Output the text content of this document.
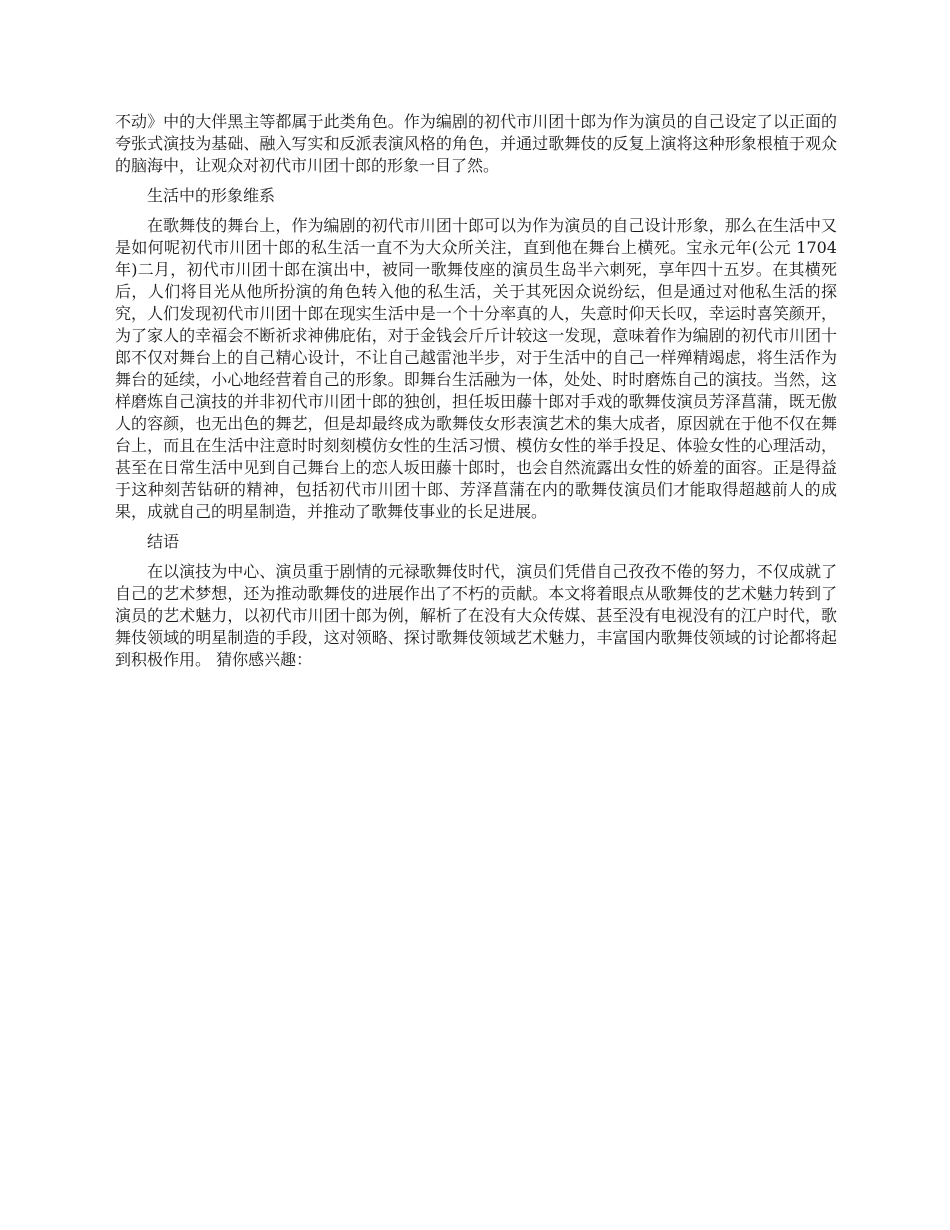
不动》中的大伴黑主等都属于此类角色。作为编剧的初代市川团十郎为作为演员的自己设定了以正面的夸张式演技为基础、融入写实和反派表演风格的角色，并通过歌舞伎的反复上演将这种形象根植于观众的脑海中，让观众对初代市川团十郎的形象一目了然。

生活中的形象维系

在歌舞伎的舞台上，作为编剧的初代市川团十郎可以为作为演员的自己设计形象，那么在生活中又是如何呢初代市川团十郎的私生活一直不为大众所关注，直到他在舞台上横死。宝永元年(公元 1704 年)二月，初代市川团十郎在演出中，被同一歌舞伎座的演员生岛半六刺死，享年四十五岁。在其横死后，人们将目光从他所扮演的角色转入他的私生活，关于其死因众说纷纭，但是通过对他私生活的探究，人们发现初代市川团十郎在现实生活中是一个十分率真的人，失意时仰天长叹，幸运时喜笑颜开，为了家人的幸福会不断祈求神佛庇佑，对于金钱会斤斤计较这一发现，意味着作为编剧的初代市川团十郎不仅对舞台上的自己精心设计，不让自己越雷池半步，对于生活中的自己一样殚精竭虑，将生活作为舞台的延续，小心地经营着自己的形象。即舞台生活融为一体，处处、时时磨炼自己的演技。当然，这样磨炼自己演技的并非初代市川团十郎的独创，担任坂田藤十郎对手戏的歌舞伎演员芳泽菖蒲，既无傲人的容颜，也无出色的舞艺，但是却最终成为歌舞伎女形表演艺术的集大成者，原因就在于他不仅在舞台上，而且在生活中注意时时刻刻模仿女性的生活习惯、模仿女性的举手投足、体验女性的心理活动，甚至在日常生活中见到自己舞台上的恋人坂田藤十郎时，也会自然流露出女性的娇羞的面容。正是得益于这种刻苦钻研的精神，包括初代市川团十郎、芳泽菖蒲在内的歌舞伎演员们才能取得超越前人的成果，成就自己的明星制造，并推动了歌舞伎事业的长足进展。

结语

在以演技为中心、演员重于剧情的元禄歌舞伎时代，演员们凭借自己孜孜不倦的努力，不仅成就了自己的艺术梦想，还为推动歌舞伎的进展作出了不朽的贡献。本文将着眼点从歌舞伎的艺术魅力转到了演员的艺术魅力，以初代市川团十郎为例，解析了在没有大众传媒、甚至没有电视没有的江户时代，歌舞伎领域的明星制造的手段，这对领略、探讨歌舞伎领域艺术魅力，丰富国内歌舞伎领域的讨论都将起到积极作用。 猜你感兴趣：
